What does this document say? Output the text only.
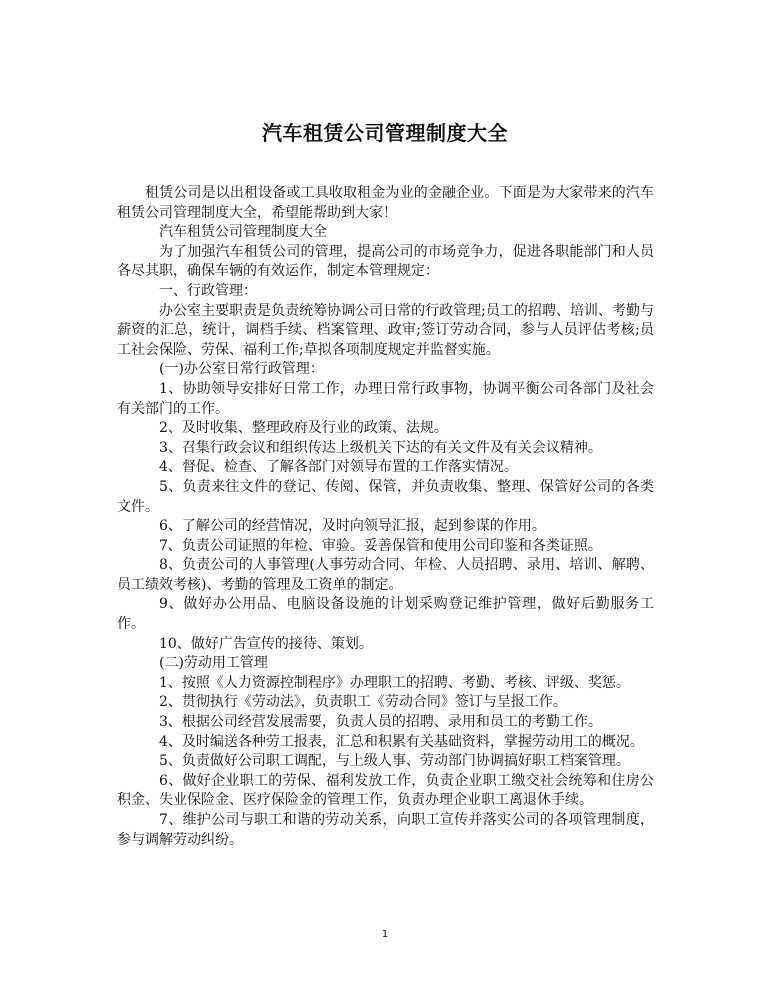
汽车租赁公司管理制度大全

租赁公司是以出租设备或工具收取租金为业的金融企业。下面是为大家带来的汽车租赁公司管理制度大全，希望能帮助到大家！

汽车租赁公司管理制度大全

为了加强汽车租赁公司的管理，提高公司的市场竞争力，促进各职能部门和人员各尽其职，确保车辆的有效运作，制定本管理规定：

一、行政管理：

办公室主要职责是负责统筹协调公司日常的行政管理;员工的招聘、培训、考勤与薪资的汇总，统计，调档手续、档案管理、政审;签订劳动合同，参与人员评估考核;员工社会保险、劳保、福利工作;草拟各项制度规定并监督实施。

(一)办公室日常行政管理：

1、协助领导安排好日常工作，办理日常行政事物，协调平衡公司各部门及社会有关部门的工作。

2、及时收集、整理政府及行业的政策、法规。

3、召集行政会议和组织传达上级机关下达的有关文件及有关会议精神。

4、督促、检查、了解各部门对领导布置的工作落实情况。

5、负责来往文件的登记、传阅、保管，并负责收集、整理、保管好公司的各类文件。

6、了解公司的经营情况，及时向领导汇报，起到参谋的作用。

7、负责公司证照的年检、审验。妥善保管和使用公司印鉴和各类证照。

8、负责公司的人事管理(人事劳动合同、年检、人员招聘、录用、培训、解聘、员工绩效考核)、考勤的管理及工资单的制定。

9、做好办公用品、电脑设备设施的计划采购登记维护管理，做好后勤服务工作。

10、做好广告宣传的接待、策划。

(二)劳动用工管理

1、按照《人力资源控制程序》办理职工的招聘、考勤、考核、评级、奖惩。

2、贯彻执行《劳动法》，负责职工《劳动合同》签订与呈报工作。

3、根据公司经营发展需要，负责人员的招聘、录用和员工的考勤工作。

4、及时编送各种劳工报表，汇总和积累有关基础资料，掌握劳动用工的概况。

5、负责做好公司职工调配，与上级人事、劳动部门协调搞好职工档案管理。

6、做好企业职工的劳保、福利发放工作，负责企业职工缴交社会统筹和住房公积金、失业保险金、医疗保险金的管理工作，负责办理企业职工离退休手续。

7、维护公司与职工和谐的劳动关系，向职工宣传并落实公司的各项管理制度，参与调解劳动纠纷。

1
